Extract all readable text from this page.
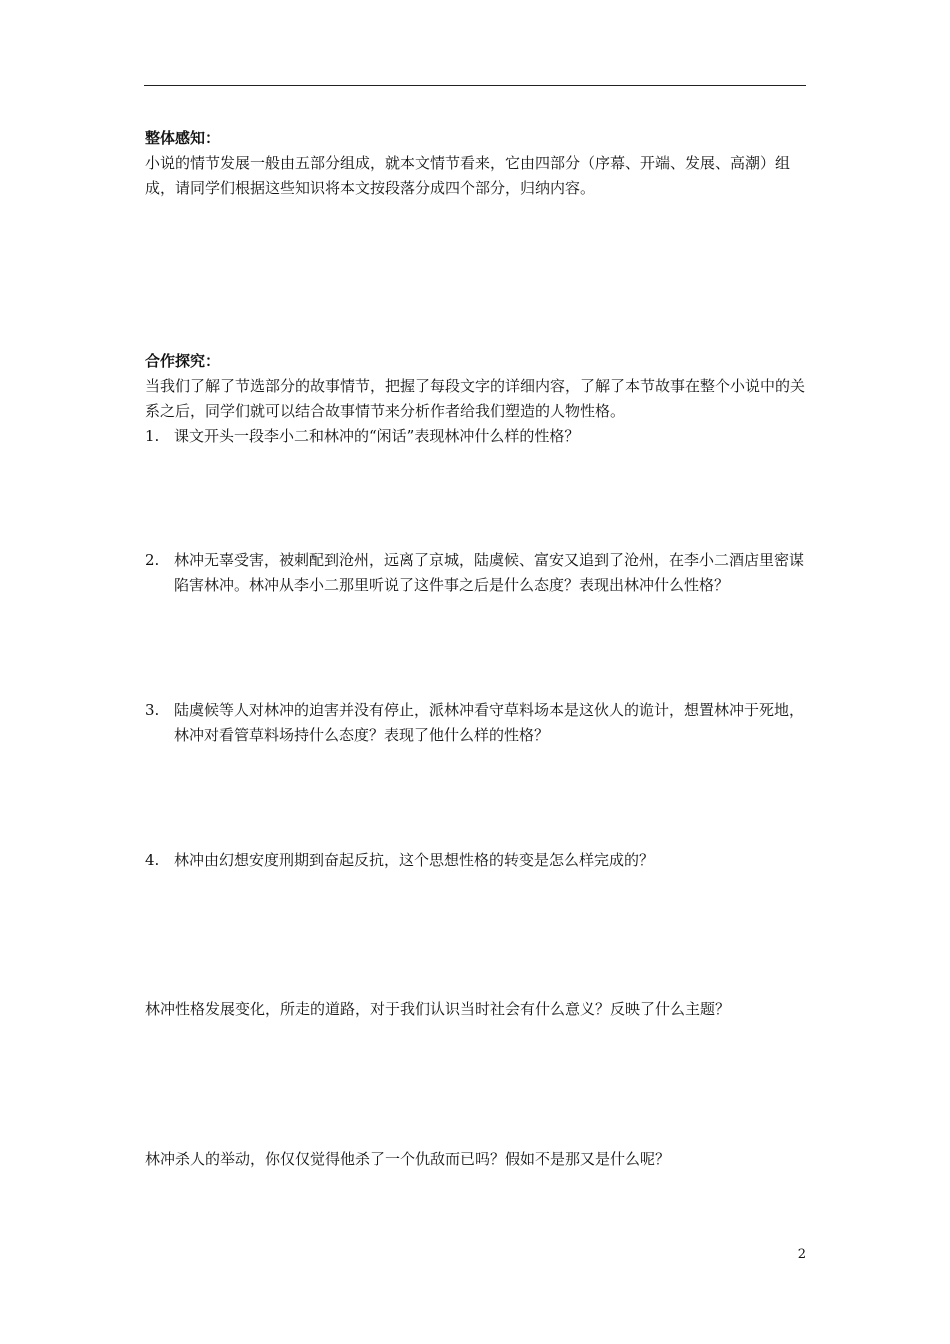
整体感知：
小说的情节发展一般由五部分组成，就本文情节看来，它由四部分（序幕、开端、发展、高潮）组成，请同学们根据这些知识将本文按段落分成四个部分，归纳内容。
合作探究：
当我们了解了节选部分的故事情节，把握了每段文字的详细内容，了解了本节故事在整个小说中的关系之后，同学们就可以结合故事情节来分析作者给我们塑造的人物性格。
1. 课文开头一段李小二和林冲的“闲话”表现林冲什么样的性格？
2. 林冲无辜受害，被刺配到沧州，远离了京城，陆虞候、富安又追到了沧州，在李小二酒店里密谋陷害林冲。林冲从李小二那里听说了这件事之后是什么态度？表现出林冲什么性格？
3. 陆虞候等人对林冲的迫害并没有停止，派林冲看守草料场本是这伙人的诡计，想置林冲于死地，林冲对看管草料场持什么态度？表现了他什么样的性格？
4. 林冲由幻想安度刑期到奋起反抗，这个思想性格的转变是怎么样完成的？
林冲性格发展变化，所走的道路，对于我们认识当时社会有什么意义？反映了什么主题？
林冲杀人的举动，你仅仅觉得他杀了一个仇敌而已吗？假如不是那又是什么呢？
2
